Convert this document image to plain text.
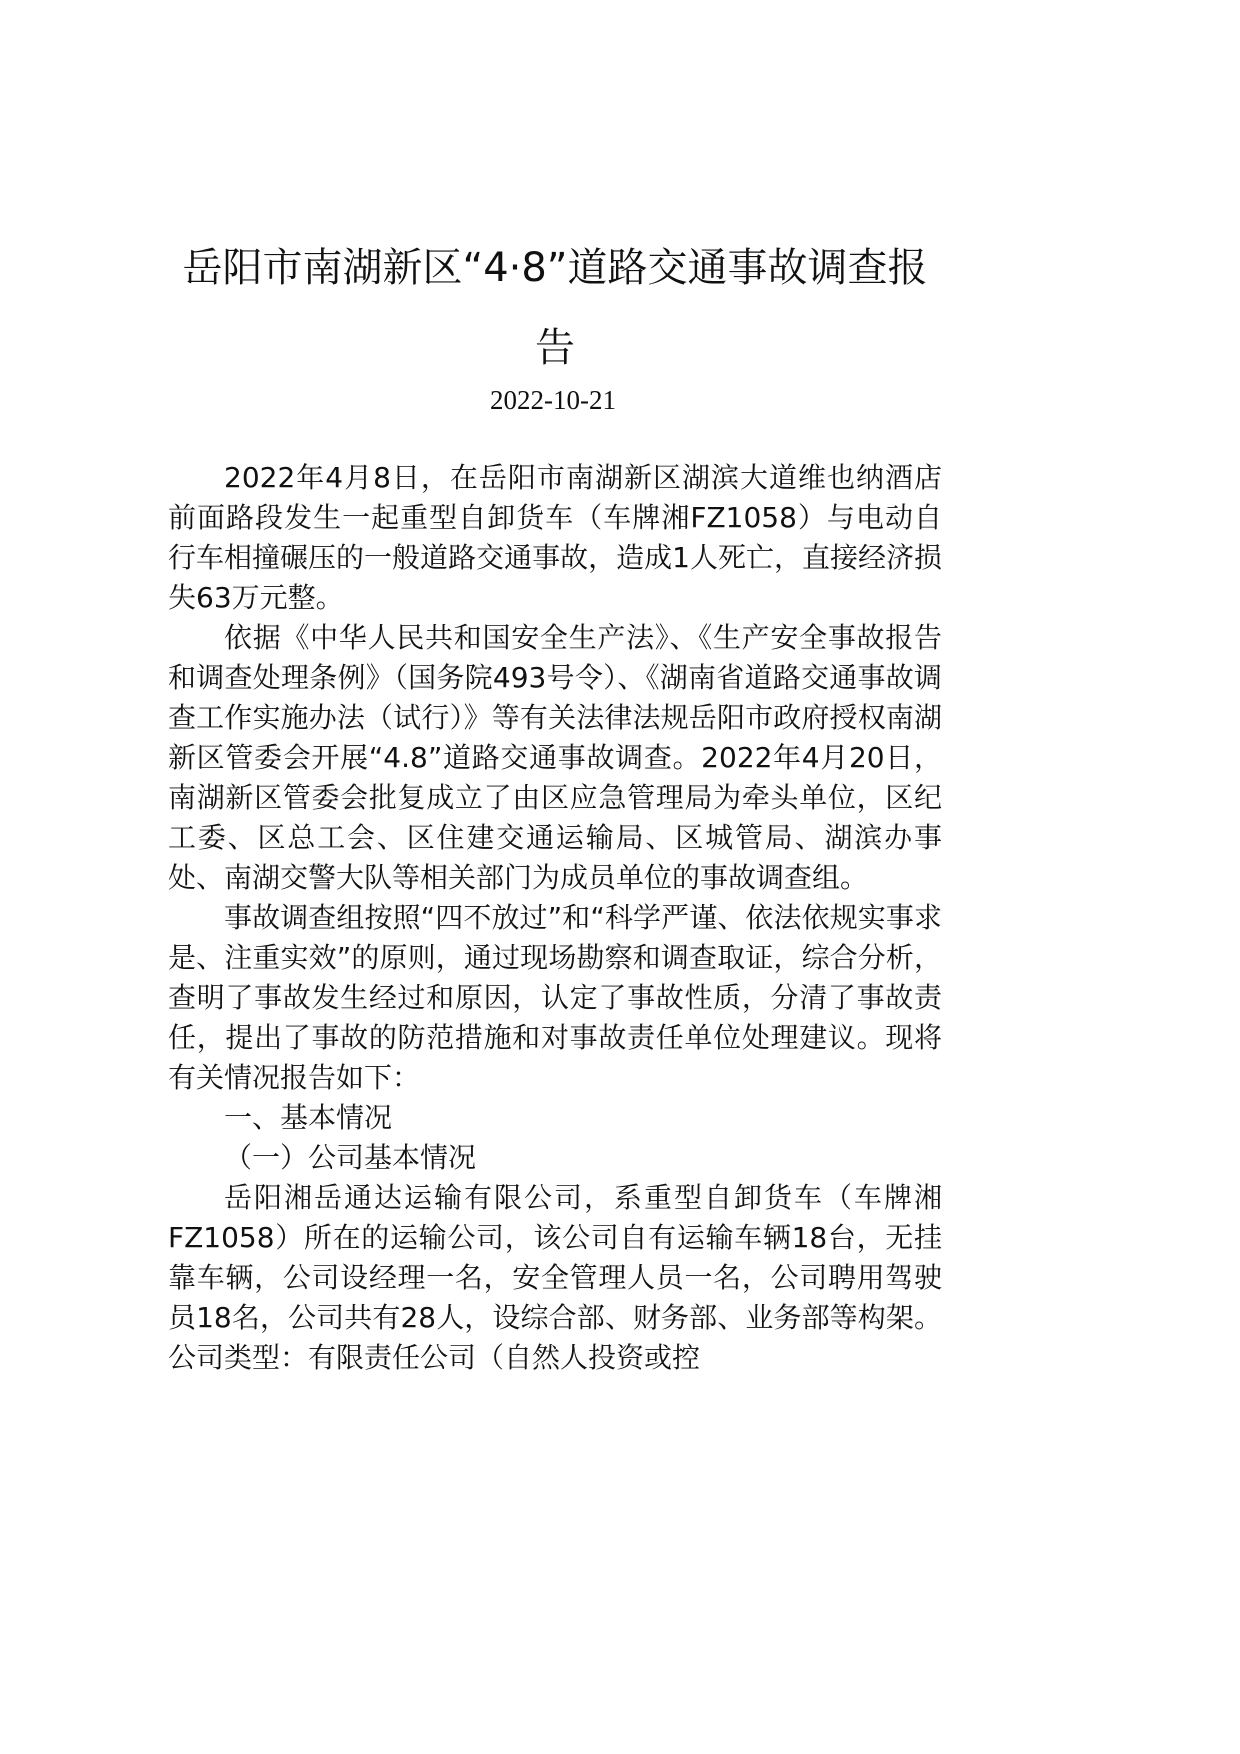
岳阳市南湖新区“4·8”道路交通事故调查报告
2022-10-21

2022年4月8日，在岳阳市南湖新区湖滨大道维也纳酒店前面路段发生一起重型自卸货车（车牌湘FZ1058）与电动自行车相撞碾压的一般道路交通事故，造成1人死亡，直接经济损失63万元整。

依据《中华人民共和国安全生产法》、《生产安全事故报告和调查处理条例》（国务院493号令）、《湖南省道路交通事故调查工作实施办法（试行）》等有关法律法规岳阳市政府授权南湖新区管委会开展“4.8”道路交通事故调查。2022年4月20日，南湖新区管委会批复成立了由区应急管理局为牵头单位，区纪工委、区总工会、区住建交通运输局、区城管局、湖滨办事处、南湖交警大队等相关部门为成员单位的事故调查组。

事故调查组按照“四不放过”和“科学严谨、依法依规实事求是、注重实效”的原则，通过现场勘察和调查取证，综合分析，查明了事故发生经过和原因，认定了事故性质，分清了事故责任，提出了事故的防范措施和对事故责任单位处理建议。现将有关情况报告如下：

一、基本情况

（一）公司基本情况

岳阳湘岳通达运输有限公司，系重型自卸货车（车牌湘FZ1058）所在的运输公司，该公司自有运输车辆18台，无挂靠车辆，公司设经理一名，安全管理人员一名，公司聘用驾驶员18名，公司共有28人，设综合部、财务部、业务部等构架。公司类型：有限责任公司（自然人投资或控
